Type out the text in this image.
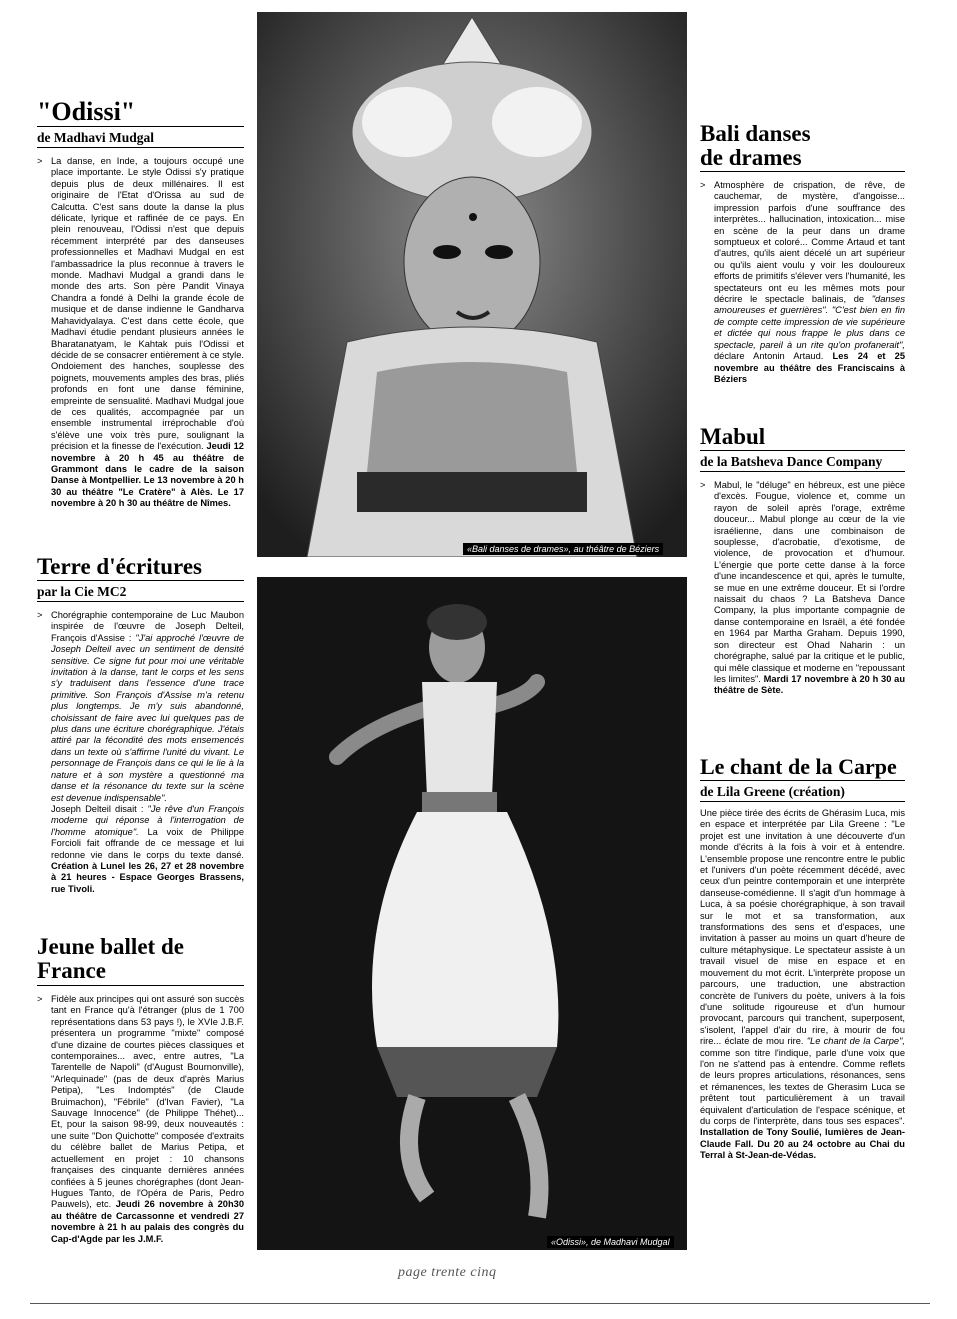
"Odissi"
de Madhavi Mudgal

> La danse, en Inde, a toujours occupé une place importante. Le style Odissi s'y pratique depuis plus de deux millénaires. Il est originaire de l'Etat d'Orissa au sud de Calcutta. C'est sans doute la danse la plus délicate, lyrique et raffinée de ce pays. En plein renouveau, l'Odissi n'est que depuis récemment interprété par des danseuses professionnelles et Madhavi Mudgal en est l'ambassadrice la plus reconnue à travers le monde. Madhavi Mudgal a grandi dans le monde des arts. Son père Pandit Vinaya Chandra a fondé à Delhi la grande école de musique et de danse indienne le Gandharva Mahavidyalaya. C'est dans cette école, que Madhavi étudie pendant plusieurs années le Bharatanatyam, le Kahtak puis l'Odissi et décide de se consacrer entièrement à ce style. Ondoiement des hanches, souplesse des poignets, mouvements amples des bras, pliés profonds en font une danse féminine, empreinte de sensualité. Madhavi Mudgal joue de ces qualités, accompagnée par un ensemble instrumental irréprochable d'où s'élève une voix très pure, soulignant la précision et la finesse de l'exécution. Jeudi 12 novembre à 20 h 45 au théâtre de Grammont dans le cadre de la saison Danse à Montpellier. Le 13 novembre à 20 h 30 au théâtre "Le Cratère" à Alès. Le 17 novembre à 20 h 30 au théâtre de Nîmes.

Terre d'écritures
par la Cie MC2

> Chorégraphie contemporaine de Luc Maubon inspirée de l'œuvre de Joseph Delteil, François d'Assise : "J'ai approché l'œuvre de Joseph Delteil avec un sentiment de densité sensitive. Ce signe fut pour moi une véritable invitation à la danse, tant le corps et les sens s'y traduisent dans l'essence d'une trace primitive. Son François d'Assise m'a retenu plus longtemps. Je m'y suis abandonné, choisissant de faire avec lui quelques pas de plus dans une écriture chorégraphique. J'étais attiré par la fécondité des mots ensemencés dans un texte où s'affirme l'unité du vivant. Le personnage de François dans ce qui le lie à la nature et à son mystère a questionné ma danse et la résonance du texte sur la scène est devenue indispensable".
Joseph Delteil disait : "Je rêve d'un François moderne qui réponse à l'interrogation de l'homme atomique". La voix de Philippe Forcioli fait offrande de ce message et lui redonne vie dans le corps du texte dansé. Création à Lunel les 26, 27 et 28 novembre à 21 heures - Espace Georges Brassens, rue Tivoli.

Jeune ballet de France

> Fidèle aux principes qui ont assuré son succès tant en France qu'à l'étranger (plus de 1 700 représentations dans 53 pays !), le XVIe J.B.F. présentera un programme "mixte" composé d'une dizaine de courtes pièces classiques et contemporaines... avec, entre autres, "La Tarentelle de Napoli" (d'August Bournonville), "Arlequinade" (pas de deux d'après Marius Petipa), "Les Indomptés" (de Claude Bruimachon), "Fébrile" (d'Ivan Favier), "La Sauvage Innocence" (de Philippe Théhet)... Et, pour la saison 98-99, deux nouveautés : une suite "Don Quichotte" composée d'extraits du célèbre ballet de Marius Petipa, et actuellement en projet : 10 chansons françaises des cinquante dernières années confiées à 5 jeunes chorégraphes (dont Jean-Hugues Tanto, de l'Opéra de Paris, Pedro Pauwels), etc. Jeudi 26 novembre à 20h30 au théâtre de Carcassonne et vendredi 27 novembre à 21 h au palais des congrès du Cap-d'Agde par les J.M.F.

«Bali danses de drames», au théâtre de Béziers
«Odissi», de Madhavi Mudgal
Bali danses
de drames

> Atmosphère de crispation, de rêve, de cauchemar, de mystère, d'angoisse... impression parfois d'une souffrance des interprètes... hallucination, intoxication... mise en scène de la peur dans un drame somptueux et coloré... Comme Artaud et tant d'autres, qu'ils aient décelé un art supérieur ou qu'ils aient voulu y voir les douloureux efforts de primitifs s'élever vers l'humanité, les spectateurs ont eu les mêmes mots pour décrire le spectacle balinais, de "danses amoureuses et guerrières". "C'est bien en fin de compte cette impression de vie supérieure et dictée qui nous frappe le plus dans ce spectacle, pareil à un rite qu'on profanerait", déclare Antonin Artaud. Les 24 et 25 novembre au théâtre des Franciscains à Béziers

Mabul
de la Batsheva Dance Company

> Mabul, le "déluge" en hébreux, est une pièce d'excès. Fougue, violence et, comme un rayon de soleil après l'orage, extrême douceur... Mabul plonge au cœur de la vie israélienne, dans une combinaison de souplesse, d'acrobatie, d'exotisme, de violence, de provocation et d'humour. L'énergie que porte cette danse à la force d'une incandescence et qui, après le tumulte, se mue en une extrême douceur. Et si l'ordre naissait du chaos ? La Batsheva Dance Company, la plus importante compagnie de danse contemporaine en Israël, a été fondée en 1964 par Martha Graham. Depuis 1990, son directeur est Ohad Naharin : un chorégraphe, salué par la critique et le public, qui mêle classique et moderne en "repoussant les limites". Mardi 17 novembre à 20 h 30 au théâtre de Sète.

Le chant de la Carpe
de Lila Greene (création)

Une pièce tirée des écrits de Ghérasim Luca, mis en espace et interprétée par Lila Greene : "Le projet est une invitation à une découverte d'un monde d'écrits à la fois à voir et à entendre. L'ensemble propose une rencontre entre le public et l'univers d'un poète récemment décédé, avec ceux d'un peintre contemporain et une interprète danseuse-comédienne. Il s'agit d'un hommage à Luca, à sa poésie chorégraphique, à son travail sur le mot et sa transformation, aux transformations des sens et d'espaces, une invitation à passer au moins un quart d'heure de culture métaphysique. Le spectateur assiste à un travail visuel de mise en espace et en mouvement du mot écrit. L'interprète propose un parcours, une traduction, une abstraction concrète de l'univers du poète, univers à la fois d'une solitude rigoureuse et d'un humour provocant, parcours qui tranchent, superposent, s'isolent, l'appel d'air du rire, à mourir de fou rire... éclate de mou rire. "Le chant de la Carpe", comme son titre l'indique, parle d'une voix que l'on ne s'attend pas à entendre. Comme reflets de leurs propres articulations, résonances, sens et rémanences, les textes de Gherasim Luca se prêtent tout particulièrement à un travail équivalent d'articulation de l'espace scénique, et du corps de l'interprète, dans tous ses espaces". Installation de Tony Soulié, lumières de Jean-Claude Fall. Du 20 au 24 octobre au Chai du Terral à St-Jean-de-Védas.

page trente cinq
